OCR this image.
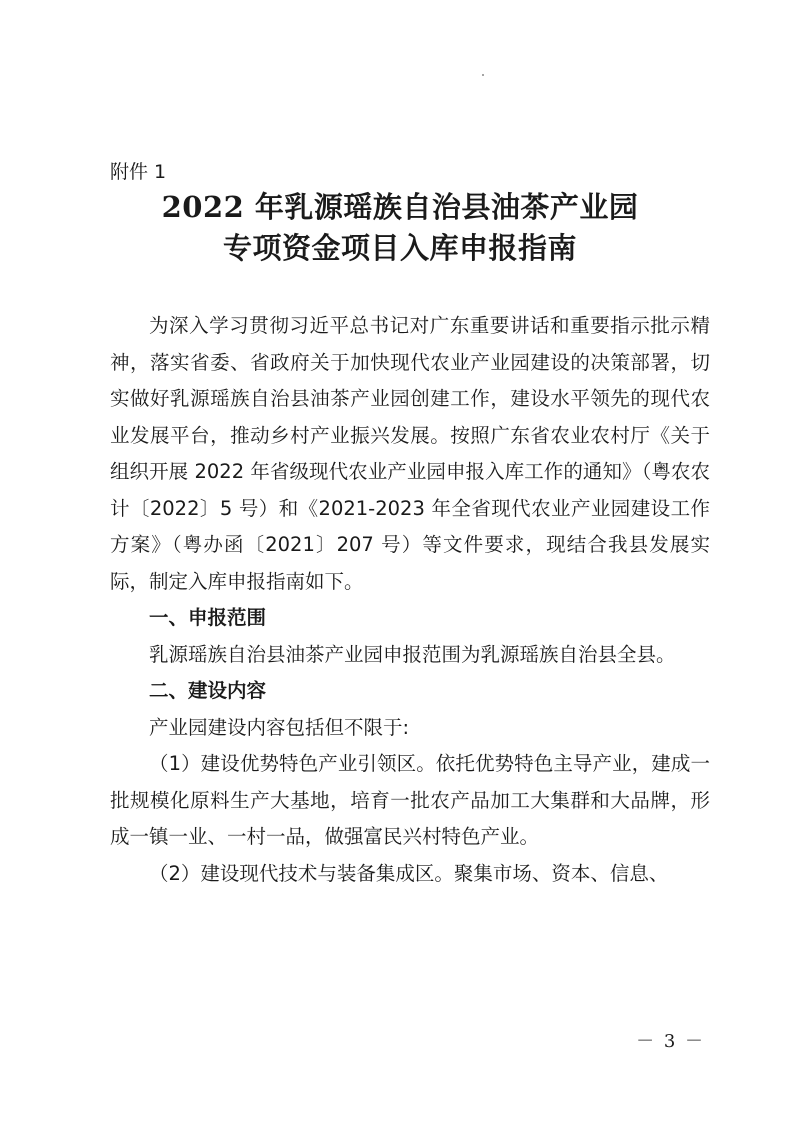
附件 1
2022 年乳源瑶族自治县油茶产业园
专项资金项目入库申报指南

为深入学习贯彻习近平总书记对广东重要讲话和重要指示批示精神，落实省委、省政府关于加快现代农业产业园建设的决策部署，切实做好乳源瑶族自治县油茶产业园创建工作，建设水平领先的现代农业发展平台，推动乡村产业振兴发展。按照广东省农业农村厅《关于组织开展 2022 年省级现代农业产业园申报入库工作的通知》（粤农农计〔2022〕5 号）和《2021-2023 年全省现代农业产业园建设工作方案》（粤办函〔2021〕207 号）等文件要求，现结合我县发展实际，制定入库申报指南如下。

一、申报范围

乳源瑶族自治县油茶产业园申报范围为乳源瑶族自治县全县。

二、建设内容

产业园建设内容包括但不限于:

（1）建设优势特色产业引领区。依托优势特色主导产业，建成一批规模化原料生产大基地，培育一批农产品加工大集群和大品牌，形成一镇一业、一村一品，做强富民兴村特色产业。

（2）建设现代技术与装备集成区。聚集市场、资本、信息、

－ 3 －
